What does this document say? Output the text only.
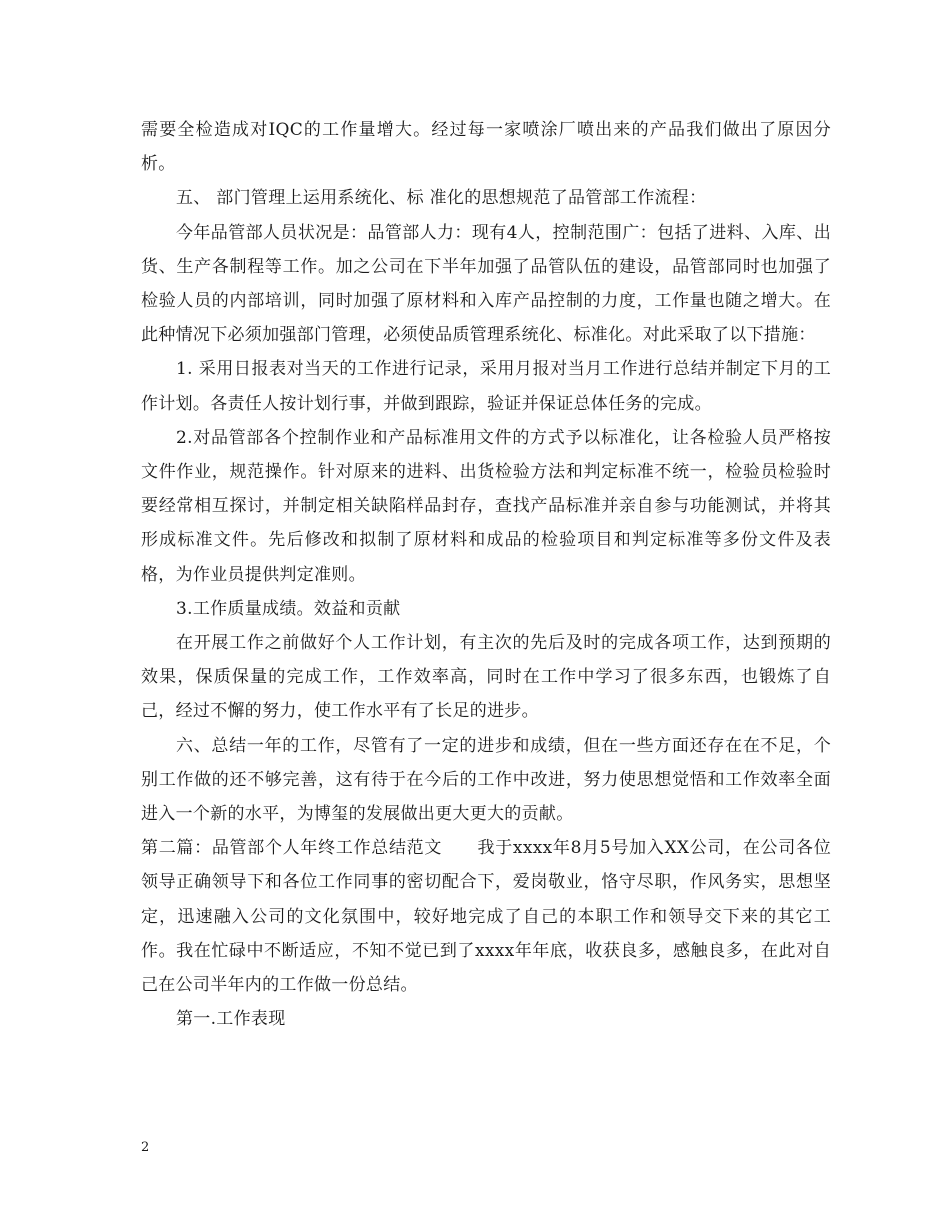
需要全检造成对IQC的工作量增大。经过每一家喷涂厂喷出来的产品我们做出了原因分析。

五、 部门管理上运用系统化、标 准化的思想规范了品管部工作流程：

今年品管部人员状况是：品管部人力：现有4人，控制范围广：包括了进料、入库、出货、生产各制程等工作。加之公司在下半年加强了品管队伍的建设，品管部同时也加强了检验人员的内部培训，同时加强了原材料和入库产品控制的力度，工作量也随之增大。在此种情况下必须加强部门管理，必须使品质管理系统化、标准化。对此采取了以下措施：

1. 采用日报表对当天的工作进行记录，采用月报对当月工作进行总结并制定下月的工作计划。各责任人按计划行事，并做到跟踪，验证并保证总体任务的完成。

2.对品管部各个控制作业和产品标准用文件的方式予以标准化，让各检验人员严格按文件作业，规范操作。针对原来的进料、出货检验方法和判定标准不统一，检验员检验时要经常相互探讨，并制定相关缺陷样品封存，查找产品标准并亲自参与功能测试，并将其形成标准文件。先后修改和拟制了原材料和成品的检验项目和判定标准等多份文件及表格，为作业员提供判定准则。

3.工作质量成绩。效益和贡献

在开展工作之前做好个人工作计划，有主次的先后及时的完成各项工作，达到预期的效果，保质保量的完成工作，工作效率高，同时在工作中学习了很多东西，也锻炼了自己，经过不懈的努力，使工作水平有了长足的进步。

六、总结一年的工作，尽管有了一定的进步和成绩，但在一些方面还存在在不足，个别工作做的还不够完善，这有待于在今后的工作中改进，努力使思想觉悟和工作效率全面进入一个新的水平，为博玺的发展做出更大更大的贡献。

第二篇：品管部个人年终工作总结范文　　我于xxxx年8月5号加入XX公司，在公司各位领导正确领导下和各位工作同事的密切配合下，爱岗敬业，恪守尽职，作风务实，思想坚定，迅速融入公司的文化氛围中，较好地完成了自己的本职工作和领导交下来的其它工作。我在忙碌中不断适应，不知不觉已到了xxxx年年底，收获良多，感触良多，在此对自己在公司半年内的工作做一份总结。

第一.工作表现

2
